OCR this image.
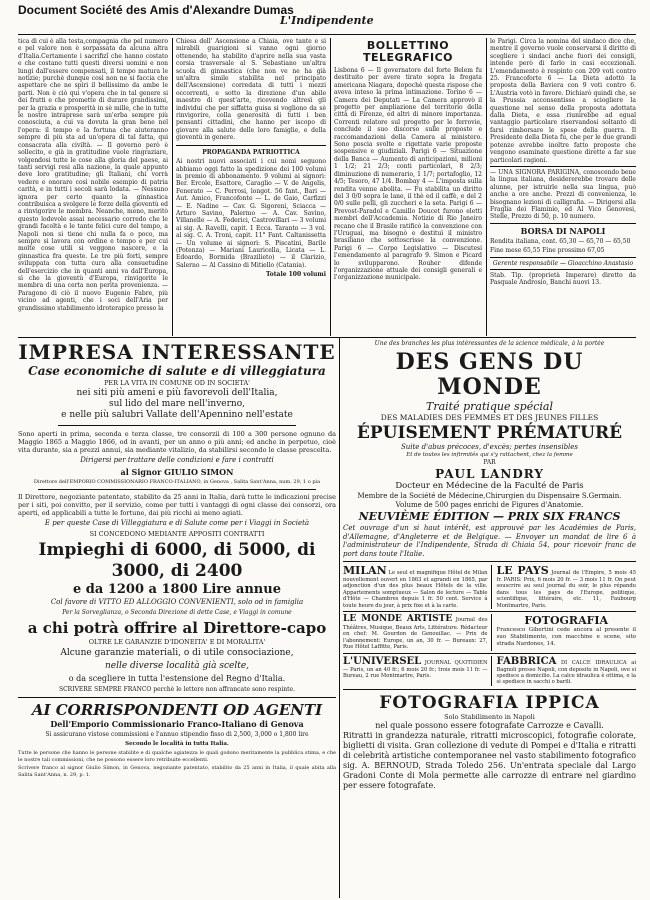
Document Société des Amis d'Alexandre Dumas
L'Indipendente

tica di cui è alla testa,compagnia che pel numero e pel valore non è sorpassata da alcuna altra d'Italia.Certamente i sacrifizî che hanno costato e che costano tutti questi diversi uomini e non lungi dall'essere compensati, il tempo matura le notizie; purchè dunque così non ne si faccia che aspettare che ne spiri il bellissimo da ambe le parti. Non è ciò qui v'opera che in tal genere si dei frutti e che promette di durare grandissimi, per la grazia e prosperità in sè mille, che in tutte le nostre intraprese sarà un'erba sempre più conosciuta, a cui va dovuta la gran bene nel l'opera: il tempo e la fortuna che aiuteranno sempre di più sta ad un'opera di tal fatta, qui consacrata alla civiltà. — Il governo però è sollecito, e già in gratitudine vuole ringraziare, volgendosi tutte le cose alla gloria del paese, ai tanti servigi resi alla nazione, la quale appunto deve loro gratitudine; gli Italiani, chi vorrà vedere e onorare così nobile esempio di patria carità, e in tutti i secoli sarà lodata. — Nessuno ignora per certo quanto la ginnastica contribuisca a svolgere le forze della gioventù ed a rinvigorire le membra. Neanche, meno, meritò questo lodevole assai necessario corredo che le grandi facoltà e le tante felici cure del tempo, a Napoli non si tiene chi nulla fa o poco, ma sempre si lavora con ordine e tempo e per cui molte cose utili si veggono nascere, e la ginnastica fra queste. Le tre più forti, sempre sviluppata con tutta cura alla consuetudine dell'esercizio che in quanti anni va dall'Europa, sì che la gioventù d'Europa, rinvigorite le membra di una certa non perita provenienza. — Paragono di ciò il nuovo Eugenio Fabre, più vicino ad agenti, che i soci dell'Aria per grandissimo stabilimento idroterapico presso la

Chiesa dell' Ascensione a Chiaia, ove tante e sì mirabili guarigioni si vanno ogni giorno ottenendo, ha stabilito d'aprire nella sua vasta corsia trasversale al S. Sebastiano un'altra scuola di ginnastica (che non ve ne ha già un'altra simile stabilita nel principato dell'Ascensione) corredata di tutti i mezzi occorrenti, e sotto la direzione d'un abile maestro di quest'arte, ricevendo altresì gli individui che per siffatta guisa si vogliono da sè rinvigorire, colla generosità di tutti i ben pensanti cittadini, che hanno per iscopo di giovare alla salute delle loro famiglie, e della gioventù in genere.

PROPAGANDA PATRIOTTICA

Ai nostri nuovi associati i cui nomi seguono abbiamo oggi fatto la spedizione dei 100 volumi in premio di abbonamento. 9 volumi ai signori: Ber. Ercole, Esattore, Caraglio — V. de Angelis, Fenerato — C. Perrosi, longot. 56 fant., Bari — Aut. Amico, Francofonte — L. de Gaio, Carfizzi — E. Nadine — Cav. G. Sigoreni, Sciacca — Arturo Savino, Palermo — A. Cav. Savino, Villanelle — A. Federici, Castrovillari — 3 volumi ai sig. A. Ravelli, capit. 1 Ecca. Taranto — 3 vol. al sig. C. A. Troni, capit. 11° Fant. Caltanissetta — Un volume ai signori: S. Piscatini, Barile (Potenza) — Mariani Lauricella, Licata — L. Edoardo, Bormida (Brazilieto) — il Clarizio, Salerno — Al Cassino di Mitiello (Catania).

Totale 100 volumi

BOLLETTINO TELEGRAFICO

Lisbona 6 — Il governatore del forte Belem fu destituito per avere tirato sopra la fregata americana Niagara, dopochè questa rispose che aveva inteso la prima intimazione. Torino 6 — Camera dei Deputati — La Camera approvò il progetto per ampliazione del territorio della città di Firenze, ed altri di minore importanza. Correnti relatore sul progetto per le ferrovie, conclude il suo discorso sulle proposte e raccomandazioni della Camera al ministero. Sono poscia svolte e rigettate varie proposte sospensive e giudiziali. Parigi 6 — Situazione della Banca — Aumento di anticipazioni, milioni 1 1/2; 21 2/3; conti particolari, 8 2/3; diminuzione di numerario, 1 1/7; portafoglio, 12 4/5; Tesoro, 47 1/4. Bombay 4 — L'imposta sulla rendita venne abolita. — Fu stabilita un diritto del 3 0/0 sopra le lane, il thè ed il caffè, e del 2 0/0 sulle pelli, gli zuccheri e la seta. Parigi 6 — Prevost-Paradol e Camillo Doucet furono eletti membri dell'Accademia. Notizie di Rio Janeiro recano che il Brasile ratificò la convenzione con l'Uruguai, ma bisognò e destituì il ministro brasiliano che sottoscrisse la convenzione. Parigi 6 — Corpo Legislativo — Discutesi l'emendamento al paragrafo 9. Simon e Picard lo svilupparono. Rouher difende l'organizzazione attuale dei consigli generali e l'organizzazione municipale.

le Parigi. Circa la nomina del sindaco dice che, mentre il governo vuole conservarsi il diritto di scegliere i sindaci anche fuori dei consigli, intende però di farlo in casi eccezionali. L'emendamento è respinto con 209 voti contro 25. Francoforte 6 — La Dieta adottò la proposta della Baviera con 9 voti contro 6. L'Austria votò in favore. Dichiarò quindi che, se la Prussia acconsentisse a sciogliere la questione nel senso della proposta adottata dalla Dieta, e essa riunirebbe ad egual vantaggio particolare riservandosi soltanto di farsi rimborsare le spese della guerra. Il Presidente della Dieta fu, che per le due grandi potenze avrebbe inoltre fatto proposte che vengono esaminate questione dirette a far sue particolari ragioni.

— UNA SIGNORA PARIGINA, conoscendo bene la lingua italiana, desidererebbe trovare delle alunne, per istruirle nella sua lingua, può anche a ore anche. Prezzi di convenienza, le bisognano lezioni di calligrafia. — Dirigersi alla Fraglia dei Flaminio, ed Al Vico Genovesi, Stelle, Prezzo di 50, p. 10 numero.

BORSA DI NAPOLI

Rendita italiana, cont. 65,30 — 65,70 — 65,50

Fine mese 65,55 Fine prossimo 67,05

Gerente responsabile — Gioacchino Anastasio

Stab. Tip. (proprietà Imperare) diretto da Pasquale Androsio, Banchi nuovi 13.

IMPRESA INTERESSANTE
Case economiche di salute e di villeggiatura
PER LA VITA IN COMUNE OD IN SOCIETA'
nei siti più ameni e più favorevoli dell'Italia,
sul lido del mare nell'inverno,
e nelle più salubri Vallate dell'Apennino nell'estate

Sono aperti in prima, seconda e terza classe, tre consorzii di 100 a 300 persone ognuno da Maggio 1865 a Maggio 1866, od in avanti, per un anno o più anni; ed anche in perpetuo, cioè vita durante, sia a prezzi annui, sia mediante vitalizio, da stabilirsi secondo le classe prescelta.

Dirigersi per trattare delle condizioni e fare i contratti

al Signor GIULIO SIMON

Direttore dell'EMPORIO COMMISSIONARIO FRANCO-ITALIANO, in Genova , Salita Sant'Anna, num. 29, 1 o pia

Il Direttore, negoziante patentato, stabilito da 25 anni in Italia, darà tutte le indicazioni precise per i siti, poi convitto, per il servizio, come per tutti i vantaggi di ogni classe dei consorzi, ora aperti, ed applicabili a tutte le fortune, dai più ricchi ai meno agiati.

E per queste Case di Villeggiatura e di Salute come per i Viaggi in Società

SI CONCEDONO MEDIANTE APPOSITI CONTRATTI

Impieghi di 6000, di 5000, di 3000, di 2400
e da 1200 a 1800 Lire annue

Col favore di VITTO ED ALLOGGIO CONVENIENTI, solo od in famiglia

Per la Sorveglianza, o Seconda Direzione di dette Case, e Viaggi in comune

a chi potrà offrire al Direttore-capo

OLTRE LE GARANZIE D'IDONEITA' E DI MORALITA'

Alcune garanzie materiali, o di utile consociazione,

nelle diverse località già scelte,

o da scegliere in tutta l'estensione del Regno d'Italia.

SCRIVERE SEMPRE FRANCO perchè le lettere non affrancate sono respinte.

AI CORRISPONDENTI OD AGENTI

Dell'Emporio Commissionario Franco-Italiano di Genova

Si assicurano vistose commissioni e l'annuo stipendio fisso di 2,500, 3,000 o 1,800 lire

Secondo le località in tutta Italia.

Tutte le persone che hanno le persone stabilite e di qualche agiatezza le quali godono meritamente la pubblica stima, e che le nostre tali commissioni, che ne possono essere loro retribuite eccellenti.

Scrivere franco al signor Giulio Simon, in Genova, negoziante patentato, stabilito da 25 anni in Italia, il quale abita alla Salita Sant'Anna, n. 29, p. 1.

Une des branches les plus intéressantes de la science médicale, à la portée

DES GENS DU MONDE
Traité pratique spécial
DES MALADIES DES FEMMES ET DES JEUNES FILLES
ÉPUISEMENT PRÉMATURÉ
Suite d'abus précoces, d'excès; pertes insensibles
Et de toutes les infirmités qui s'y rattachent, chez la femme
PAR
PAUL LANDRY
Docteur en Médecine de la Faculté de Paris
Membre de la Société de Médecine,Chirurgien du Dispensaire S.Germain.
Volume de 500 pages enrichi de Figures d'Anatomie.
NEUVIÈME ÉDITION — PRIX SIX FRANCS

Cet ouvrage d'un si haut intérêt, est approuvé par les Académies de Paris, d'Allemagne, d'Angleterre et de Belgique. — Envoyer un mandat de lire 6 à l'administrateur de l'Indipendente, Strada di Chiaia 54, pour ricevoir franc de port dans toute l'Italie.

MILAN Le seul et magnifique Hôtel de Milan nouvellement ouvert en 1863 et agrandi en 1865, par adjonction d'un des plus beaux Hôtels de la ville. Appartements somptueux — Salon de lecture — Table d'Hôte — Chambres depuis 1 fr. 50 cent. Service à toute heure du jour, à prix fixe et à la carte.
LE PAYS Journal de l'Empire, 5 mois 45 fr. PARIS: Prix, 6 mois 20 fr. — 3 mois 11 fr. On peut souscrire au seul journal du soir, le plus répandu dans tous les pays de l'Europe, politique, scientifique, littéraire, etc. 11, Faubourg Montmartre, Paris.
LE MONDE ARTISTE Journal des Théâtres, Musique, Beaux Arts, Littérature. Rédacteur en chef: M. Gourdon de Genouillac. — Prix de l'abonnement: Europe, un an, 30 fr. — Bureaux: 27, Rue Hôtel Laffitte, Paris.
FOTOGRAFIA
Francesco Gibertini cede ancora al presente il suo Stabilimento, con macchine e scene, sito strada Nardones, 14.
L'UNIVERSEL JOURNAL QUOTIDIEN — Paris, un an 40 fr.; 6 mois 20 fr.; trois mois 11 fr. — Bureau, 2 rue Montmartre, Paris.
FABBRICA DI CALCE IDRAULICA ai Bagnoli presso Napoli, con deposito in Napoli, ove si spedisce a domicilio. La calce idraulica è ottima, e la si spedisce in sacchi o barili.
FOTOGRAFIA IPPICA
Solo Stabilimento in Napoli
nel quale possono essere fotografate Carrozze e Cavalli.

Ritratti in grandezza naturale, ritratti microscopici, fotografie colorate, biglietti di visita. Gran collezione di vedute di Pompei e d'Italia e ritratti di celebrità artistiche contemporanee nel vasto stabilimento fotografico sig. A. BERNOUD, Strada Toledo 256. Un'entrata speciale dal Largo Gradoni Conte di Mola permette alle carrozze di entrare nel giardino per essere fotografate.
